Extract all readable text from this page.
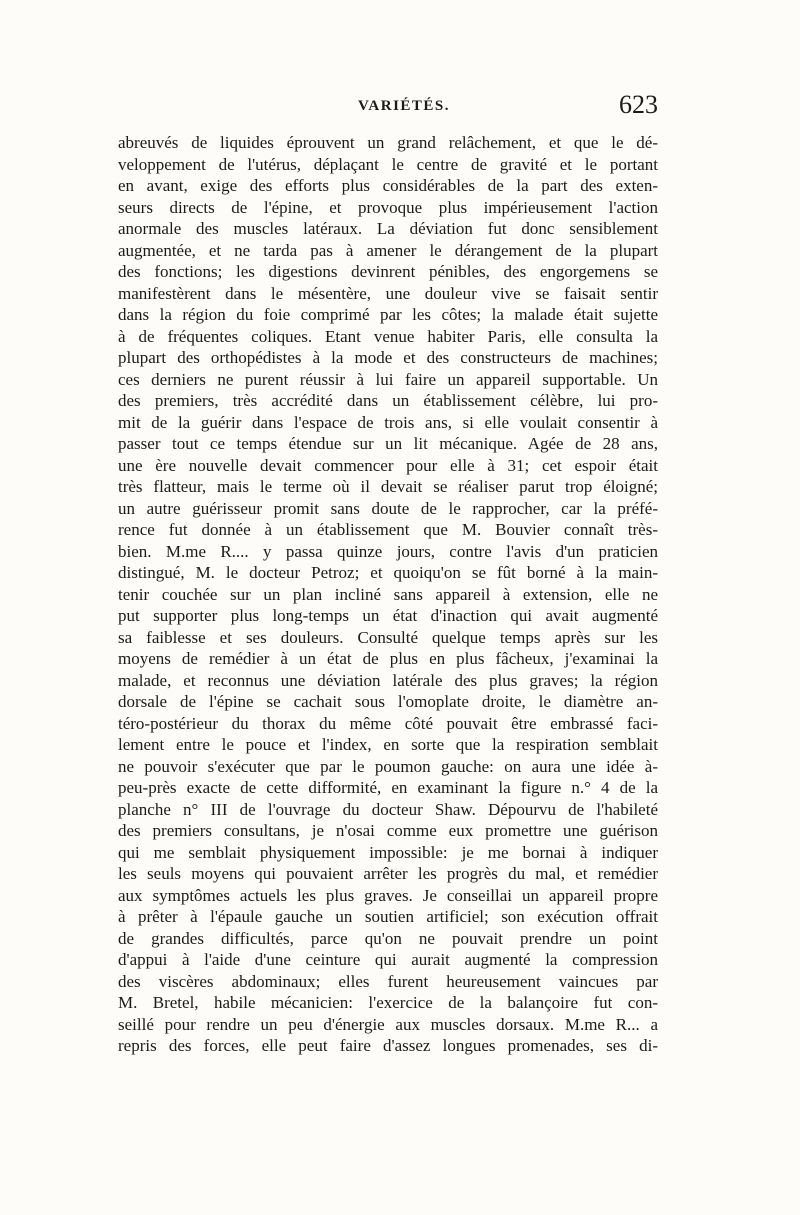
VARIÉTÉS.	623
abreuvés de liquides éprouvent un grand relâchement, et que le dé-
veloppement de l'utérus, déplaçant le centre de gravité et le portant
en avant, exige des efforts plus considérables de la part des exten-
seurs directs de l'épine, et provoque plus impérieusement l'action
anormale des muscles latéraux. La déviation fut donc sensiblement
augmentée, et ne tarda pas à amener le dérangement de la plupart
des fonctions; les digestions devinrent pénibles, des engorgemens se
manifestèrent dans le mésentère, une douleur vive se faisait sentir
dans la région du foie comprimé par les côtes; la malade était sujette
à de fréquentes coliques. Etant venue habiter Paris, elle consulta la
plupart des orthopédistes à la mode et des constructeurs de machines;
ces derniers ne purent réussir à lui faire un appareil supportable. Un
des premiers, très accrédité dans un établissement célèbre, lui pro-
mit de la guérir dans l'espace de trois ans, si elle voulait consentir à
passer tout ce temps étendue sur un lit mécanique. Agée de 28 ans,
une ère nouvelle devait commencer pour elle à 31; cet espoir était
très flatteur, mais le terme où il devait se réaliser parut trop éloigné;
un autre guérisseur promit sans doute de le rapprocher, car la préfé-
rence fut donnée à un établissement que M. Bouvier connaît très-
bien. M.me R.... y passa quinze jours, contre l'avis d'un praticien
distingué, M. le docteur Petroz; et quoiqu'on se fût borné à la main-
tenir couchée sur un plan incliné sans appareil à extension, elle ne
put supporter plus long-temps un état d'inaction qui avait augmenté
sa faiblesse et ses douleurs. Consulté quelque temps après sur les
moyens de remédier à un état de plus en plus fâcheux, j'examinai la
malade, et reconnus une déviation latérale des plus graves; la région
dorsale de l'épine se cachait sous l'omoplate droite, le diamètre an-
téro-postérieur du thorax du même côté pouvait être embrassé faci-
lement entre le pouce et l'index, en sorte que la respiration semblait
ne pouvoir s'exécuter que par le poumon gauche: on aura une idée à-
peu-près exacte de cette difformité, en examinant la figure n.° 4 de la
planche n° III de l'ouvrage du docteur Shaw. Dépourvu de l'habileté
des premiers consultans, je n'osai comme eux promettre une guérison
qui me semblait physiquement impossible: je me bornai à indiquer
les seuls moyens qui pouvaient arrêter les progrès du mal, et remédier
aux symptômes actuels les plus graves. Je conseillai un appareil propre
à prêter à l'épaule gauche un soutien artificiel; son exécution offrait
de grandes difficultés, parce qu'on ne pouvait prendre un point
d'appui à l'aide d'une ceinture qui aurait augmenté la compression
des viscères abdominaux; elles furent heureusement vaincues par
M. Bretel, habile mécanicien: l'exercice de la balançoire fut con-
seillé pour rendre un peu d'énergie aux muscles dorsaux. M.me R... a
repris des forces, elle peut faire d'assez longues promenades, ses di-
